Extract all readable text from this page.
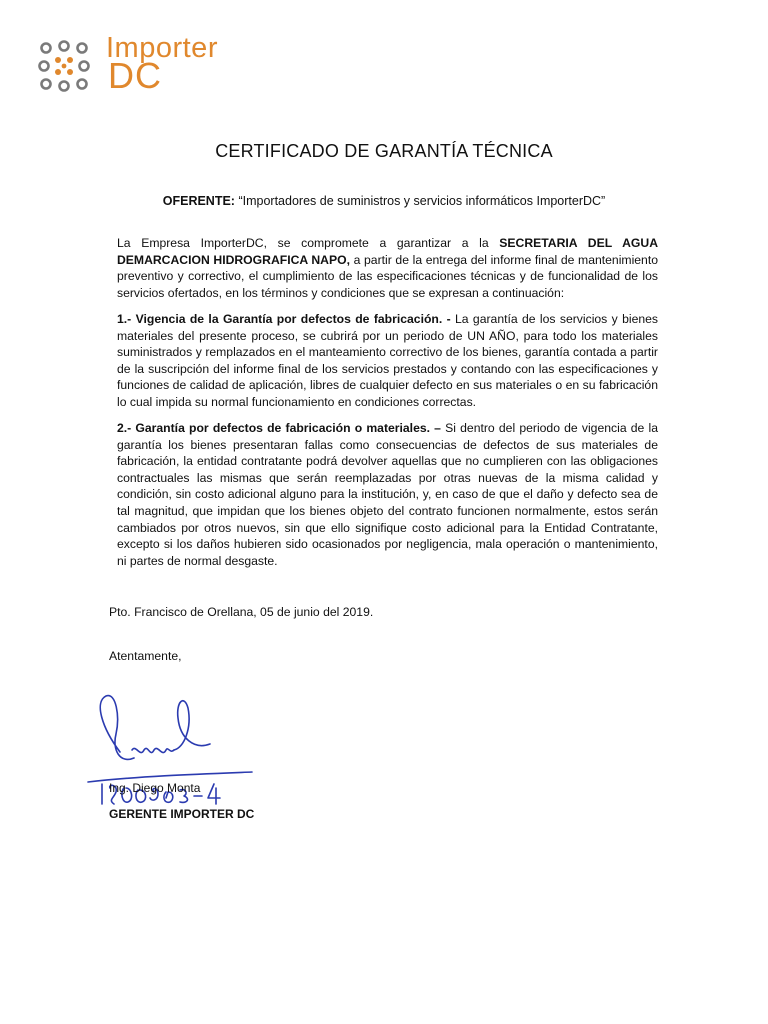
Importer
DC
CERTIFICADO DE GARANTÍA TÉCNICA
OFERENTE: “Importadores de suministros y servicios informáticos ImporterDC”
La Empresa ImporterDC, se compromete a garantizar a la SECRETARIA DEL AGUA DEMARCACION HIDROGRAFICA NAPO, a partir de la entrega del informe final de mantenimiento preventivo y correctivo, el cumplimiento de las especificaciones técnicas y de funcionalidad de los servicios ofertados, en los términos y condiciones que se expresan a continuación:
1.- Vigencia de la Garantía por defectos de fabricación. - La garantía de los servicios y bienes materiales del presente proceso, se cubrirá por un periodo de UN AÑO, para todo los materiales suministrados y remplazados en el manteamiento correctivo de los bienes, garantía contada a partir de la suscripción del informe final de los servicios prestados y contando con las especificaciones y funciones de calidad de aplicación, libres de cualquier defecto en sus materiales o en su fabricación lo cual impida su normal funcionamiento en condiciones correctas.
2.- Garantía por defectos de fabricación o materiales. – Si dentro del periodo de vigencia de la garantía los bienes presentaran fallas como consecuencias de defectos de sus materiales de fabricación, la entidad contratante podrá devolver aquellas que no cumplieren con las obligaciones contractuales las mismas que serán reemplazadas por otras nuevas de la misma calidad y condición, sin costo adicional alguno para la institución, y, en caso de que el daño y defecto sea de tal magnitud, que impidan que los bienes objeto del contrato funcionen normalmente, estos serán cambiados por otros nuevos, sin que ello signifique costo adicional para la Entidad Contratante, excepto si los daños hubieren sido ocasionados por negligencia, mala operación o mantenimiento, ni partes de normal desgaste.
Pto. Francisco de Orellana, 05 de junio del 2019.
Atentamente,
1500963-4
Ing. Diego Monta
GERENTE IMPORTER DC
